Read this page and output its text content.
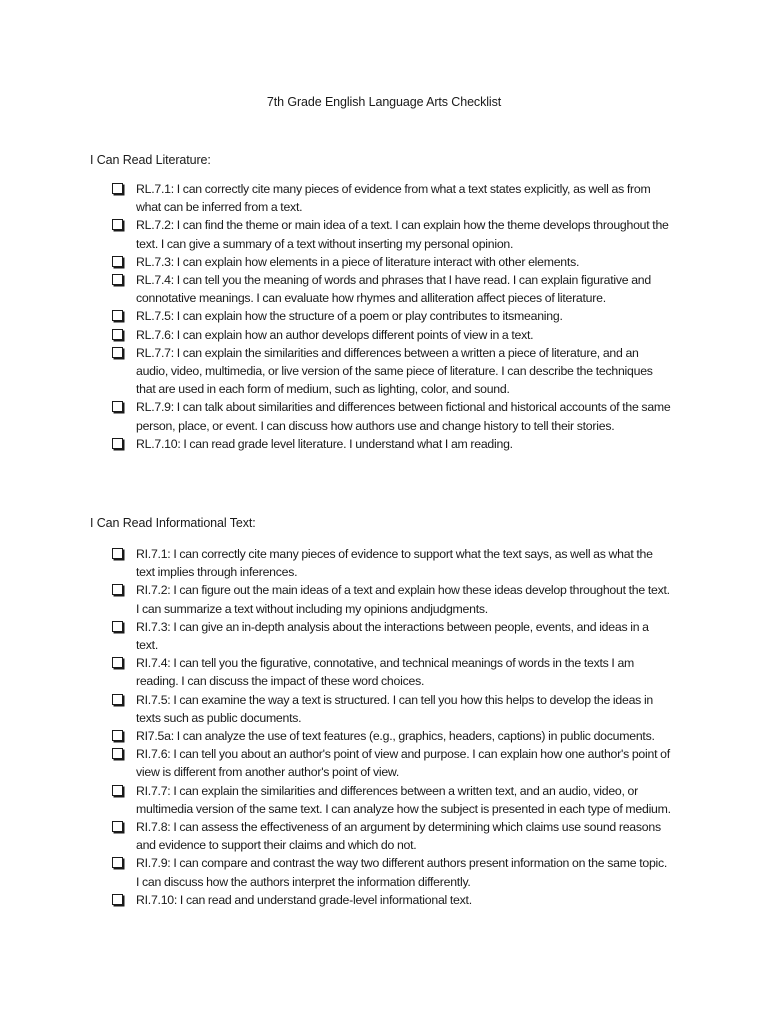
7th Grade English Language Arts Checklist
I Can Read Literature:
RL.7.1: I can correctly cite many pieces of evidence from what a text states explicitly, as well as from what can be inferred from a text.
RL.7.2: I can find the theme or main idea of a text. I can explain how the theme develops throughout the text. I can give a summary of a text without inserting my personal opinion.
RL.7.3: I can explain how elements in a piece of literature interact with other elements.
RL.7.4: I can tell you the meaning of words and phrases that I have read. I can explain figurative and connotative meanings. I can evaluate how rhymes and alliteration affect pieces of literature.
RL.7.5: I can explain how the structure of a poem or play contributes to itsmeaning.
RL.7.6: I can explain how an author develops different points of view in a text.
RL.7.7: I can explain the similarities and differences between a written a piece of literature, and an audio, video, multimedia, or live version of the same piece of literature. I can describe the techniques that are used in each form of medium, such as lighting, color, and sound.
RL.7.9: I can talk about similarities and differences between fictional and historical accounts of the same person, place, or event. I can discuss how authors use and change history to tell their stories.
RL.7.10: I can read grade level literature. I understand what I am reading.
I Can Read Informational Text:
RI.7.1: I can correctly cite many pieces of evidence to support what the text says, as well as what the text implies through inferences.
RI.7.2: I can figure out the main ideas of a text and explain how these ideas develop throughout the text. I can summarize a text without including my opinions andjudgments.
RI.7.3: I can give an in-depth analysis about the interactions between people, events, and ideas in a text.
RI.7.4: I can tell you the figurative, connotative, and technical meanings of words in the texts I am reading. I can discuss the impact of these word choices.
RI.7.5: I can examine the way a text is structured. I can tell you how this helps to develop the ideas in texts such as public documents.
RI7.5a: I can analyze the use of text features (e.g., graphics, headers, captions) in public documents.
RI.7.6: I can tell you about an author's point of view and purpose. I can explain how one author's point of view is different from another author's point of view.
RI.7.7: I can explain the similarities and differences between a written text, and an audio, video, or multimedia version of the same text. I can analyze how the subject is presented in each type of medium.
RI.7.8: I can assess the effectiveness of an argument by determining which claims use sound reasons and evidence to support their claims and which do not.
RI.7.9: I can compare and contrast the way two different authors present information on the same topic. I can discuss how the authors interpret the information differently.
RI.7.10: I can read and understand grade-level informational text.
